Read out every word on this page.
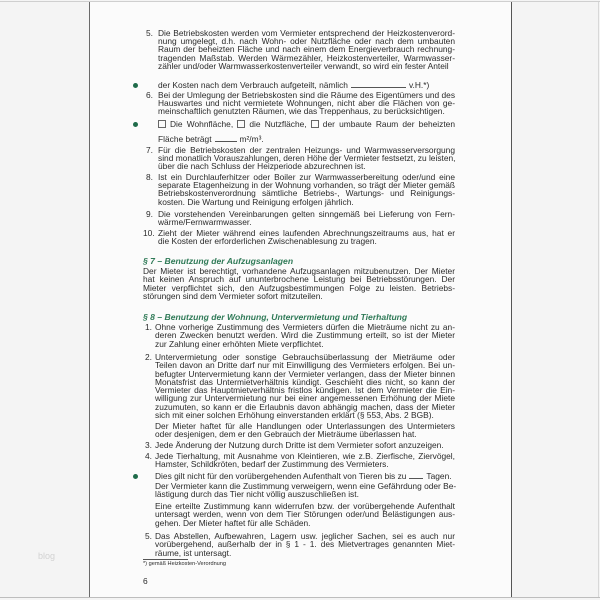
blog
5. Die Betriebskosten werden vom Vermieter entsprechend der Heizkostenverord-
nung umgelegt, d.h. nach Wohn- oder Nutzfläche oder nach dem umbauten
Raum der beheizten Fläche und nach einem dem Energieverbrauch rechnung-
tragenden Maßstab. Werden Wärmezähler, Heizkostenverteiler, Warmwasser-
zähler und/oder Warmwasserkostenverteiler verwandt, so wird ein fester Anteil
der Kosten nach dem Verbrauch aufgeteilt, nämlich	v.H.*)
6. Bei der Umlegung der Betriebskosten sind die Räume des Eigentümers und des
Hauswartes und nicht vermietete Wohnungen, nicht aber die Flächen von ge-
meinschaftlich genutzten Räumen, wie das Treppenhaus, zu berücksichtigen.
Die Wohnfläche, die Nutzfläche, der umbaute Raum der beheizten
Fläche beträgt	m²/m³.
7. Für die Betriebskosten der zentralen Heizungs- und Warmwasserversorgung
sind monatlich Vorauszahlungen, deren Höhe der Vermieter festsetzt, zu leisten,
über die nach Schluss der Heizperiode abzurechnen ist.
8. Ist ein Durchlauferhitzer oder Boiler zur Warmwasserbereitung oder/und eine
separate Etagenheizung in der Wohnung vorhanden, so trägt der Mieter gemäß
Betriebskostenverordnung sämtliche Betriebs-, Wartungs- und Reinigungs-
kosten. Die Wartung und Reinigung erfolgen jährlich.
9. Die vorstehenden Vereinbarungen gelten sinngemäß bei Lieferung von Fern-
wärme/Fernwarmwasser.
10. Zieht der Mieter während eines laufenden Abrechnungszeitraums aus, hat er
die Kosten der erforderlichen Zwischenablesung zu tragen.
§ 7 – Benutzung der Aufzugsanlagen
Der Mieter ist berechtigt, vorhandene Aufzugsanlagen mitzubenutzen. Der Mieter
hat keinen Anspruch auf ununterbrochene Leistung bei Betriebsstörungen. Der
Mieter verpflichtet sich, den Aufzugsbestimmungen Folge zu leisten. Betriebs-
störungen sind dem Vermieter sofort mitzuteilen.
§ 8 – Benutzung der Wohnung, Untervermietung und Tierhaltung
1. Ohne vorherige Zustimmung des Vermieters dürfen die Mieträume nicht zu an-
deren Zwecken benutzt werden. Wird die Zustimmung erteilt, so ist der Mieter
zur Zahlung einer erhöhten Miete verpflichtet.
2. Untervermietung oder sonstige Gebrauchsüberlassung der Mieträume oder
Teilen davon an Dritte darf nur mit Einwilligung des Vermieters erfolgen. Bei un-
befugter Untervermietung kann der Vermieter verlangen, dass der Mieter binnen
Monatsfrist das Untermietverhältnis kündigt. Geschieht dies nicht, so kann der
Vermieter das Hauptmietverhältnis fristlos kündigen. Ist dem Vermieter die Ein-
willigung zur Untervermietung nur bei einer angemessenen Erhöhung der Miete
zuzumuten, so kann er die Erlaubnis davon abhängig machen, dass der Mieter
sich mit einer solchen Erhöhung einverstanden erklärt (§ 553, Abs. 2 BGB).
Der Mieter haftet für alle Handlungen oder Unterlassungen des Untermieters
oder desjenigen, dem er den Gebrauch der Mieträume überlassen hat.
3. Jede Änderung der Nutzung durch Dritte ist dem Vermieter sofort anzuzeigen.
4. Jede Tierhaltung, mit Ausnahme von Kleintieren, wie z.B. Zierfische, Ziervögel,
Hamster, Schildkröten, bedarf der Zustimmung des Vermieters.
Dies gilt nicht für den vorübergehenden Aufenthalt von Tieren bis zu Tagen.
Der Vermieter kann die Zustimmung verweigern, wenn eine Gefährdung oder Be-
lästigung durch das Tier nicht völlig auszuschließen ist.
Eine erteilte Zustimmung kann widerrufen bzw. der vorübergehende Aufenthalt
untersagt werden, wenn von dem Tier Störungen oder/und Belästigungen aus-
gehen. Der Mieter haftet für alle Schäden.
5. Das Abstellen, Aufbewahren, Lagern usw. jeglicher Sachen, sei es auch nur
vorübergehend, außerhalb der in § 1 - 1. des Mietvertrages genannten Miet-
räume, ist untersagt.
*) gemäß Heizkosten-Verordnung
6
